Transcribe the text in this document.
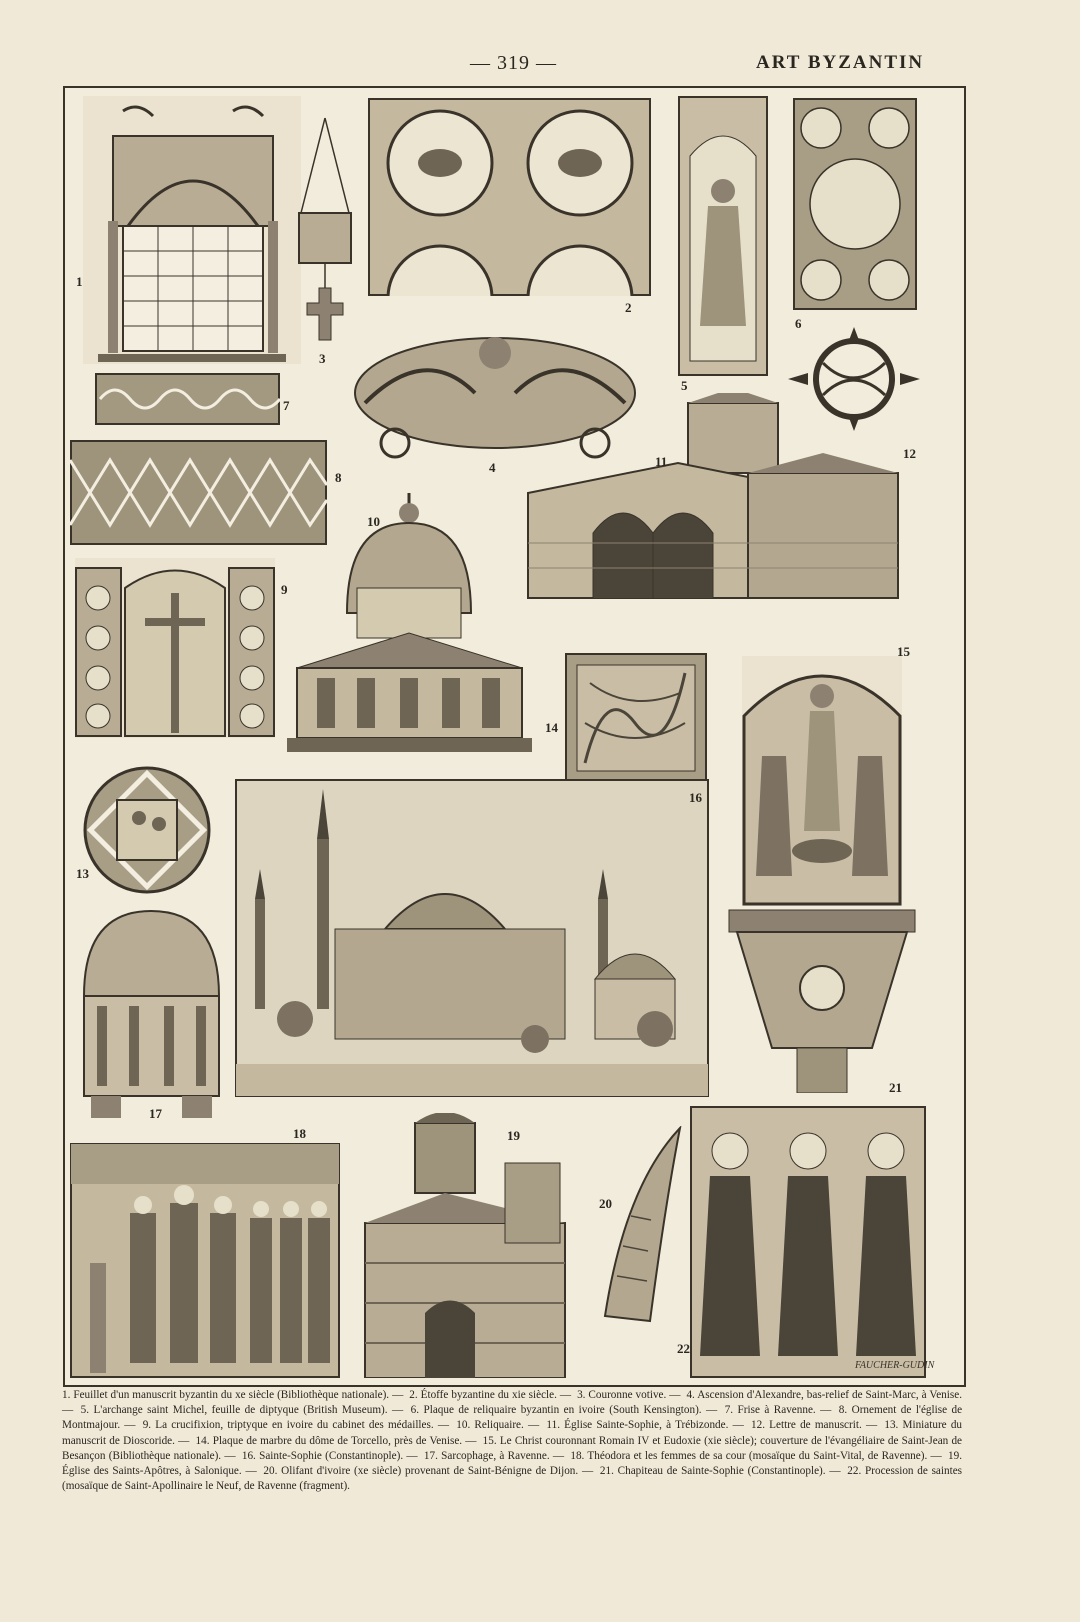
— 319 —	ART BYZANTIN
1
3
7
8
2
4
5
6
12
11
9
10
14
15
13
16
17
21
18	19
20
22
FAUCHER-GUDIN
1. Feuillet d'un manuscrit byzantin du xe siècle (Bibliothèque nationale). — 2. Étoffe byzantine du xie siècle. — 3. Couronne votive. — 4. Ascension d'Alexandre, bas-relief de Saint-Marc, à Venise. — 5. L'archange saint Michel, feuille de diptyque (British Museum). — 6. Plaque de reliquaire byzantin en ivoire (South Kensington). — 7. Frise à Ravenne. — 8. Ornement de l'église de Montmajour. — 9. La crucifixion, triptyque en ivoire du cabinet des médailles. — 10. Reliquaire. — 11. Église Sainte-Sophie, à Trébizonde. — 12. Lettre de manuscrit. — 13. Miniature du manuscrit de Dioscoride. — 14. Plaque de marbre du dôme de Torcello, près de Venise. — 15. Le Christ couronnant Romain IV et Eudoxie (xie siècle); couverture de l'évangéliaire de Saint-Jean de Besançon (Bibliothèque nationale). — 16. Sainte-Sophie (Constantinople). — 17. Sarcophage, à Ravenne. — 18. Théodora et les femmes de sa cour (mosaïque du Saint-Vital, de Ravenne). — 19. Église des Saints-Apôtres, à Salonique. — 20. Olifant d'ivoire (xe siècle) provenant de Saint-Bénigne de Dijon. — 21. Chapiteau de Sainte-Sophie (Constantinople). — 22. Procession de saintes (mosaïque de Saint-Apollinaire le Neuf, de Ravenne (fragment).
